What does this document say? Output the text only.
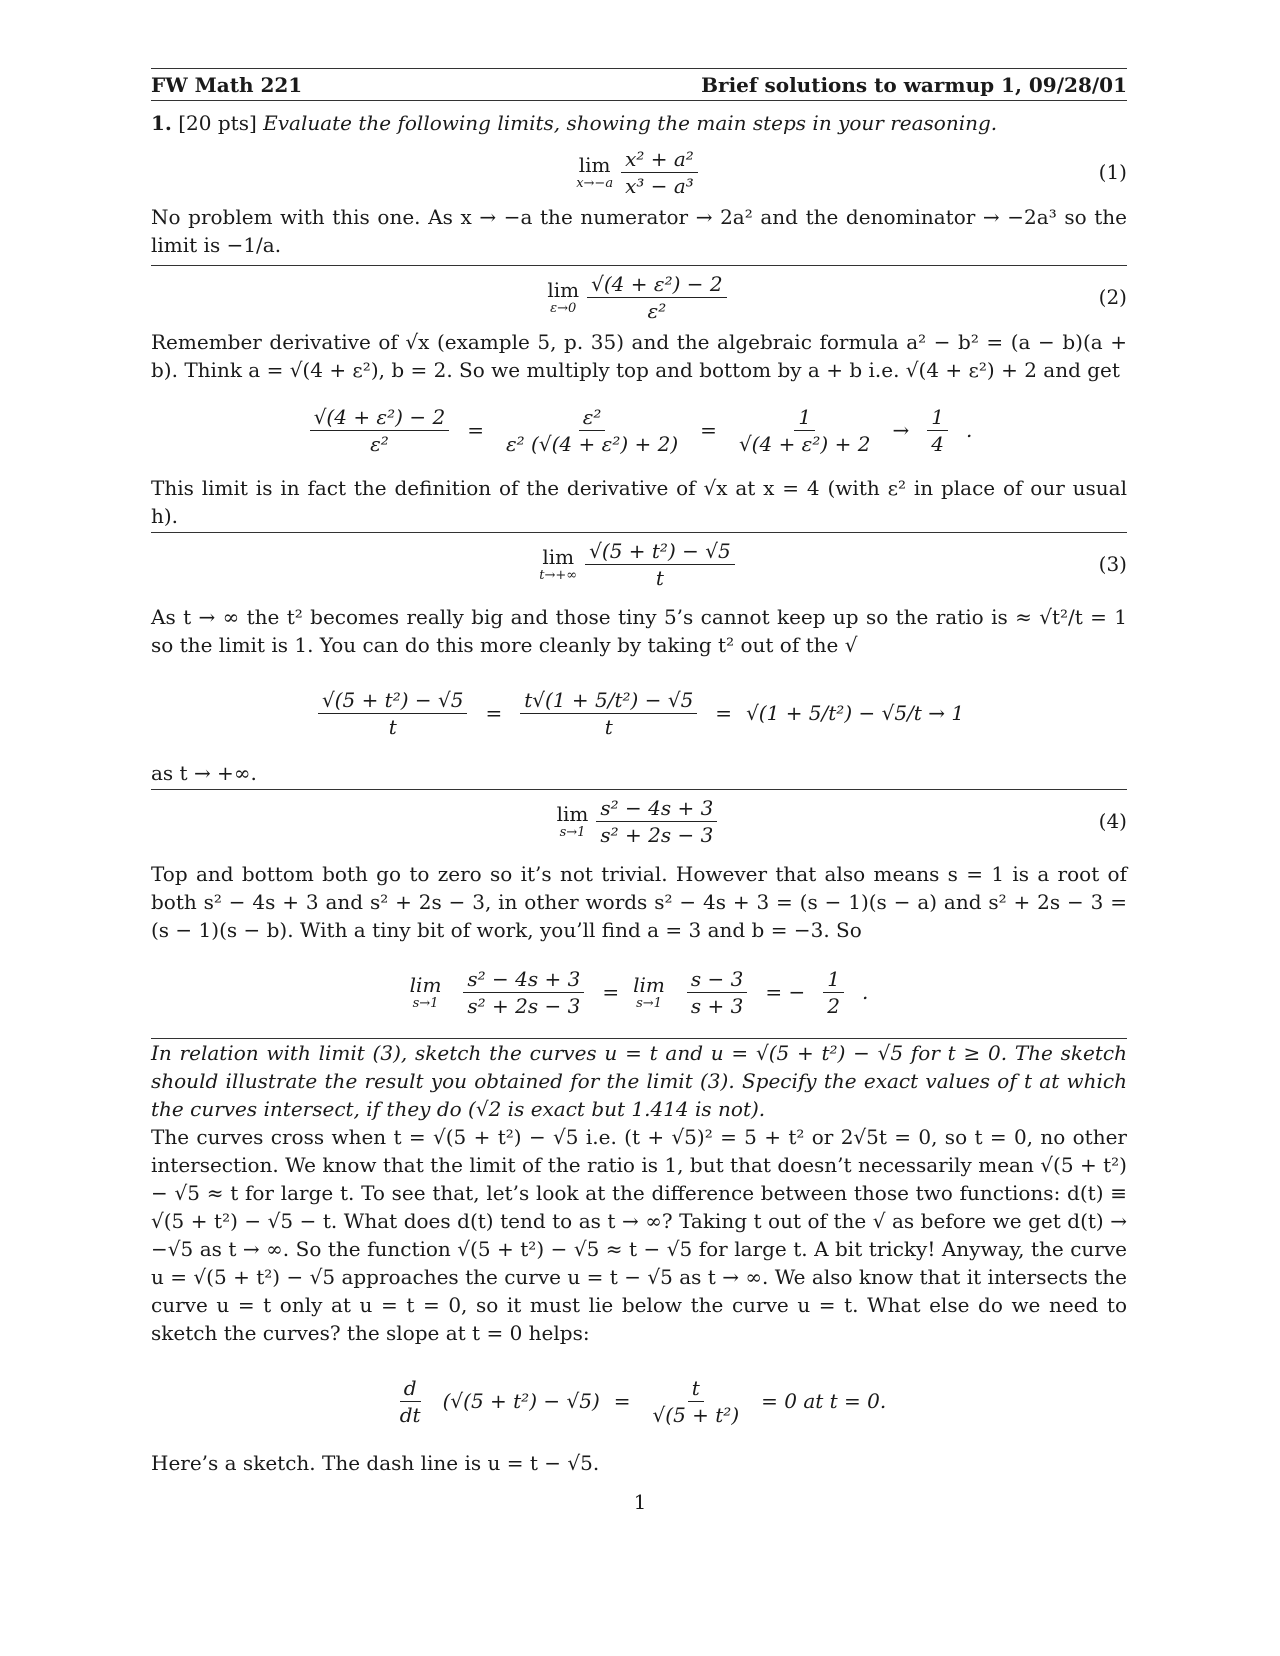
FW Math 221	Brief solutions to warmup 1, 09/28/01

1. [20 pts] Evaluate the following limits, showing the main steps in your reasoning.

lim
$x\to-a \frac{\text{x² + a²}}{\text{x³ − a³}}$	(1)

No problem with this one. As x → −a the numerator → 2a² and the denominator → −2a³ so the limit is −1/a.

lim
$\varepsilon\to 0 \frac{\text{√(4 + ε²) − 2}}{\text{ε²}}$	(2)

Remember derivative of √x (example 5, p. 35) and the algebraic formula a² − b² = (a − b)(a + b). Think a = √(4 + ε²), b = 2. So we multiply top and bottom by a + b i.e. √(4 + ε²) + 2 and get

$\frac{\text{√(4 + ε²) − 2}}{\text{ε²}} = \frac{\text{ε²}}{\text{ε² (√(4 + ε²) + 2)}} = \frac{1}{\text{√(4 + ε²) + 2}} \to \frac{1}{4}$ .

This limit is in fact the definition of the derivative of √x at x = 4 (with ε² in place of our usual h).

lim
$t\to+\infty \frac{\text{√(5 + t²) − √5}}{t}$	(3)

As t → ∞ the t² becomes really big and those tiny 5’s cannot keep up so the ratio is ≈ √t²/t = 1 so the limit is 1. You can do this more cleanly by taking t² out of the √

$\frac{\text{√(5 + t²) − √5}}{t} = \frac{\text{t√(1 + 5/t²) − √5}}{t} = √(1 + 5/t^2) - √5/t \to 1$

as t → +∞.

lim
$s\to 1 \frac{\text{s² − 4s + 3}}{\text{s² + 2s − 3}}$	(4)

Top and bottom both go to zero so it’s not trivial. However that also means s = 1 is a root of both s² − 4s + 3 and s² + 2s − 3, in other words s² − 4s + 3 = (s − 1)(s − a) and s² + 2s − 3 = (s − 1)(s − b). With a tiny bit of work, you’ll find a = 3 and b = −3. So

lim
$s\to 1 \frac{\text{s² − 4s + 3}}{\text{s² + 2s − 3}} = \lim$
$s\to 1 \frac{s - 3}{s + 3}$ = − $\frac{1}{2}$ .

In relation with limit (3), sketch the curves u = t and u = √(5 + t²) − √5 for t ≥ 0. The sketch should illustrate the result you obtained for the limit (3). Specify the exact values of t at which the curves intersect, if they do (√2 is exact but 1.414 is not).

The curves cross when t = √(5 + t²) − √5 i.e. (t + √5)² = 5 + t² or 2√5t = 0, so t = 0, no other intersection. We know that the limit of the ratio is 1, but that doesn’t necessarily mean √(5 + t²) − √5 ≈ t for large t. To see that, let’s look at the difference between those two functions: d(t) ≡ √(5 + t²) − √5 − t. What does d(t) tend to as t → ∞? Taking t out of the √ as before we get d(t) → −√5 as t → ∞. So the function √(5 + t²) − √5 ≈ t − √5 for large t. A bit tricky! Anyway, the curve u = √(5 + t²) − √5 approaches the curve u = t − √5 as t → ∞. We also know that it intersects the curve u = t only at u = t = 0, so it must lie below the curve u = t. What else do we need to sketch the curves? the slope at t = 0 helps:

$\frac{d}{dt} (√(5 + t^2) - √5) = \frac{t}{\text{√(5 + t²)}} = 0$ at t = 0.

Here’s a sketch. The dash line is u = t − √5.

1
